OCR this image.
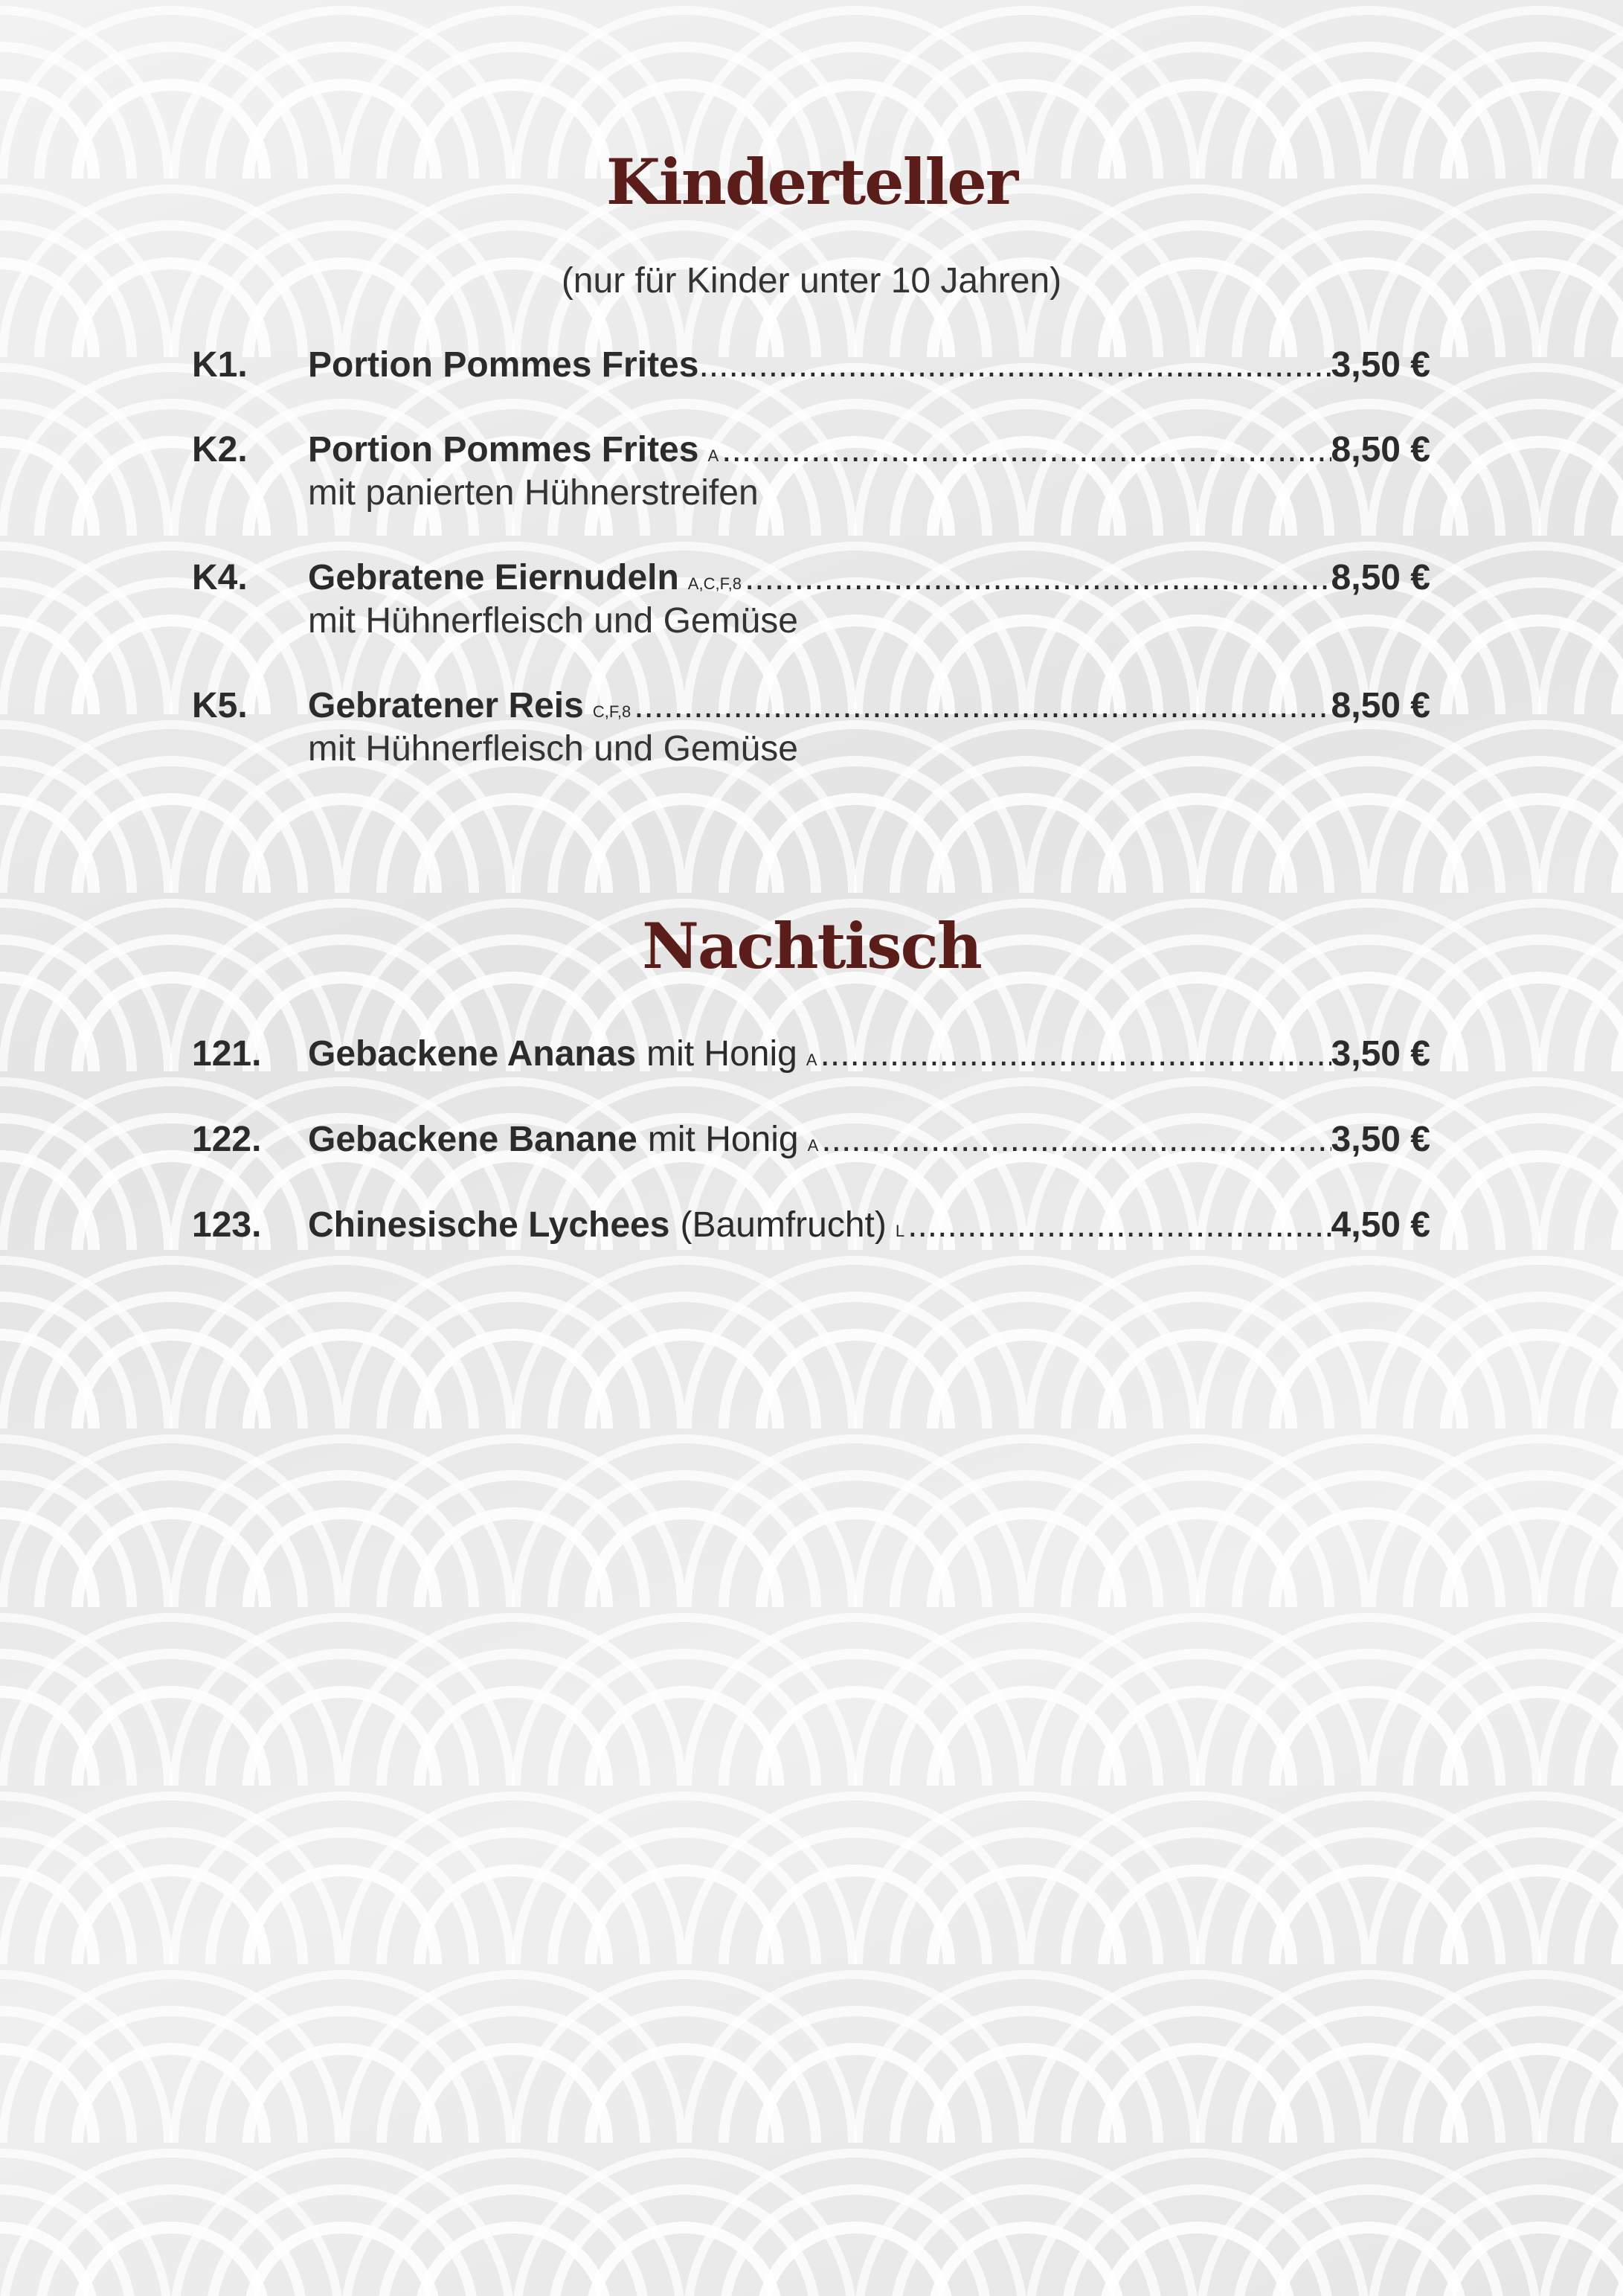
Kinderteller
(nur für Kinder unter 10 Jahren)
K1.	Portion Pommes Frites .....	3,50 €
K2.	Portion Pommes Frites A .....	8,50 €
mit panierten Hühnerstreifen
K4.	Gebratene Eiernudeln A,C,F,8 .....	8,50 €
mit Hühnerfleisch und Gemüse
K5.	Gebratener Reis C,F,8 .....	8,50 €
mit Hühnerfleisch und Gemüse
Nachtisch
121.	Gebackene Ananas mit Honig A .....	3,50 €
122.	Gebackene Banane mit Honig A .....	3,50 €
123.	Chinesische Lychees (Baumfrucht) L .....	4,50 €
